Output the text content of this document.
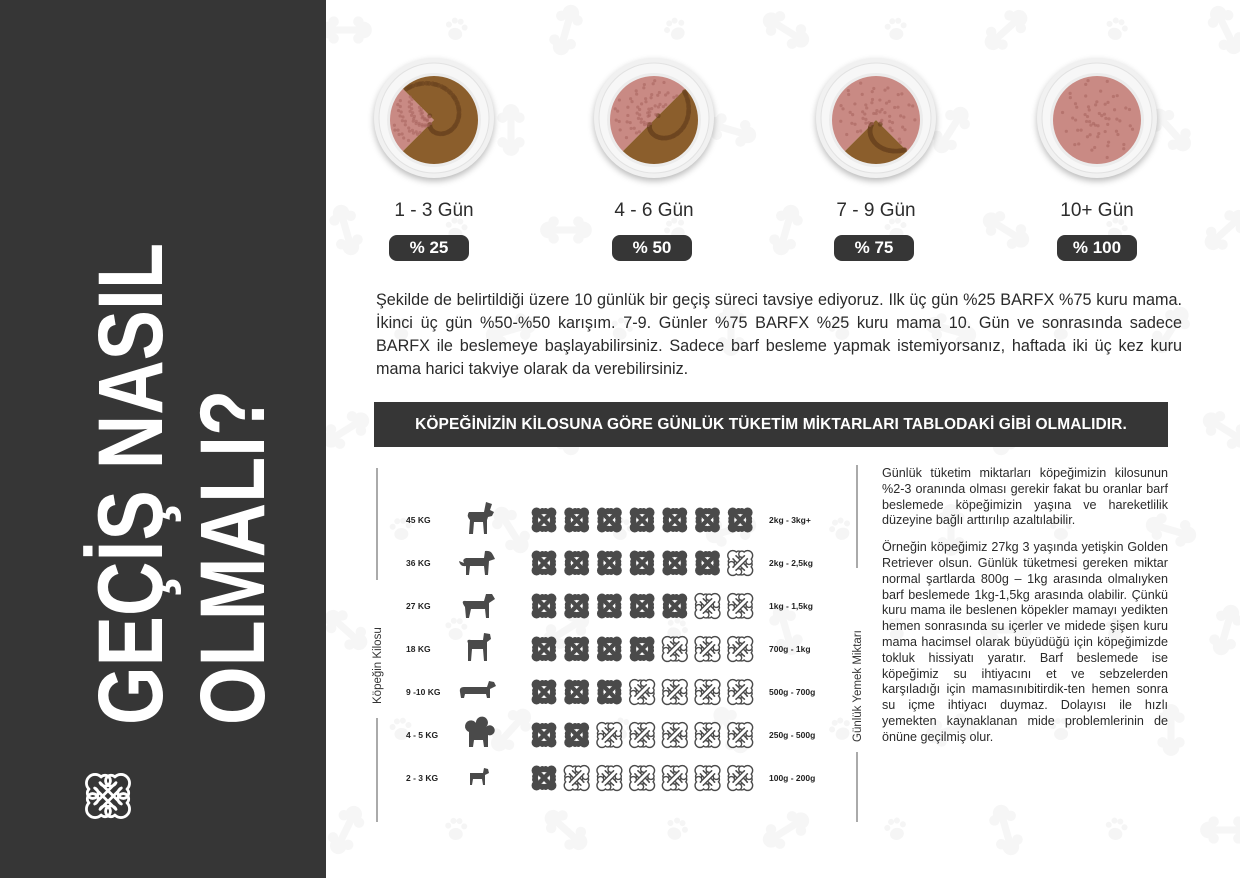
GEÇİŞ NASIL OLMALI?
1 - 3 Gün	4 - 6 Gün	7 - 9 Gün	10+ Gün
% 25	% 50	% 75	% 100
Şekilde de belirtildiği üzere 10 günlük bir geçiş süreci tavsiye ediyoruz. Ilk üç gün %25 BARFX %75 kuru mama. İkinci üç gün %50-%50 karışım. 7-9. Günler %75 BARFX %25 kuru mama 10. Gün ve sonrasında sadece BARFX ile beslemeye başlayabilirsiniz. Sadece barf besleme yapmak istemiyorsanız, haftada iki üç kez kuru mama harici takviye olarak da verebilirsiniz.
KÖPEĞİNİZİN KİLOSUNA GÖRE GÜNLÜK TÜKETİM MİKTARLARI TABLODAKİ GİBİ OLMALIDIR.
Köpeğin Kilosu	Günlük Yemek Miktarı
45 KG	2kg - 3kg+
36 KG	2kg - 2,5kg
27 KG	1kg - 1,5kg
18 KG	700g - 1kg
9 -10 KG	500g - 700g
4 - 5 KG	250g - 500g
2 - 3 KG	100g - 200g

Günlük tüketim miktarları köpeğimizin kilosunun %2-3 oranında olması gerekir fakat bu oranlar barf beslemede köpeğimizin yaşına ve hareketlilik düzeyine bağlı arttırılıp azaltılabilir.

Örneğin köpeğimiz 27kg 3 yaşında yetişkin Golden Retriever olsun. Günlük tüketmesi gereken miktar normal şartlarda 800g – 1kg arasında olmalıyken barf beslemede 1kg-1,5kg arasında olabilir. Çünkü kuru mama ile beslenen köpekler mamayı yedikten hemen sonrasında su içerler ve midede şişen kuru mama hacimsel olarak büyüdüğü için köpeğimizde tokluk hissiyatı yaratır. Barf beslemede ise köpeğimiz su ihtiyacını et ve sebzelerden karşıladığı için mamasınıbitirdik-ten hemen sonra su içme ihtiyacı duymaz. Dolayısı ile hızlı yemekten kaynaklanan mide problemlerinin de önüne geçilmiş olur.
